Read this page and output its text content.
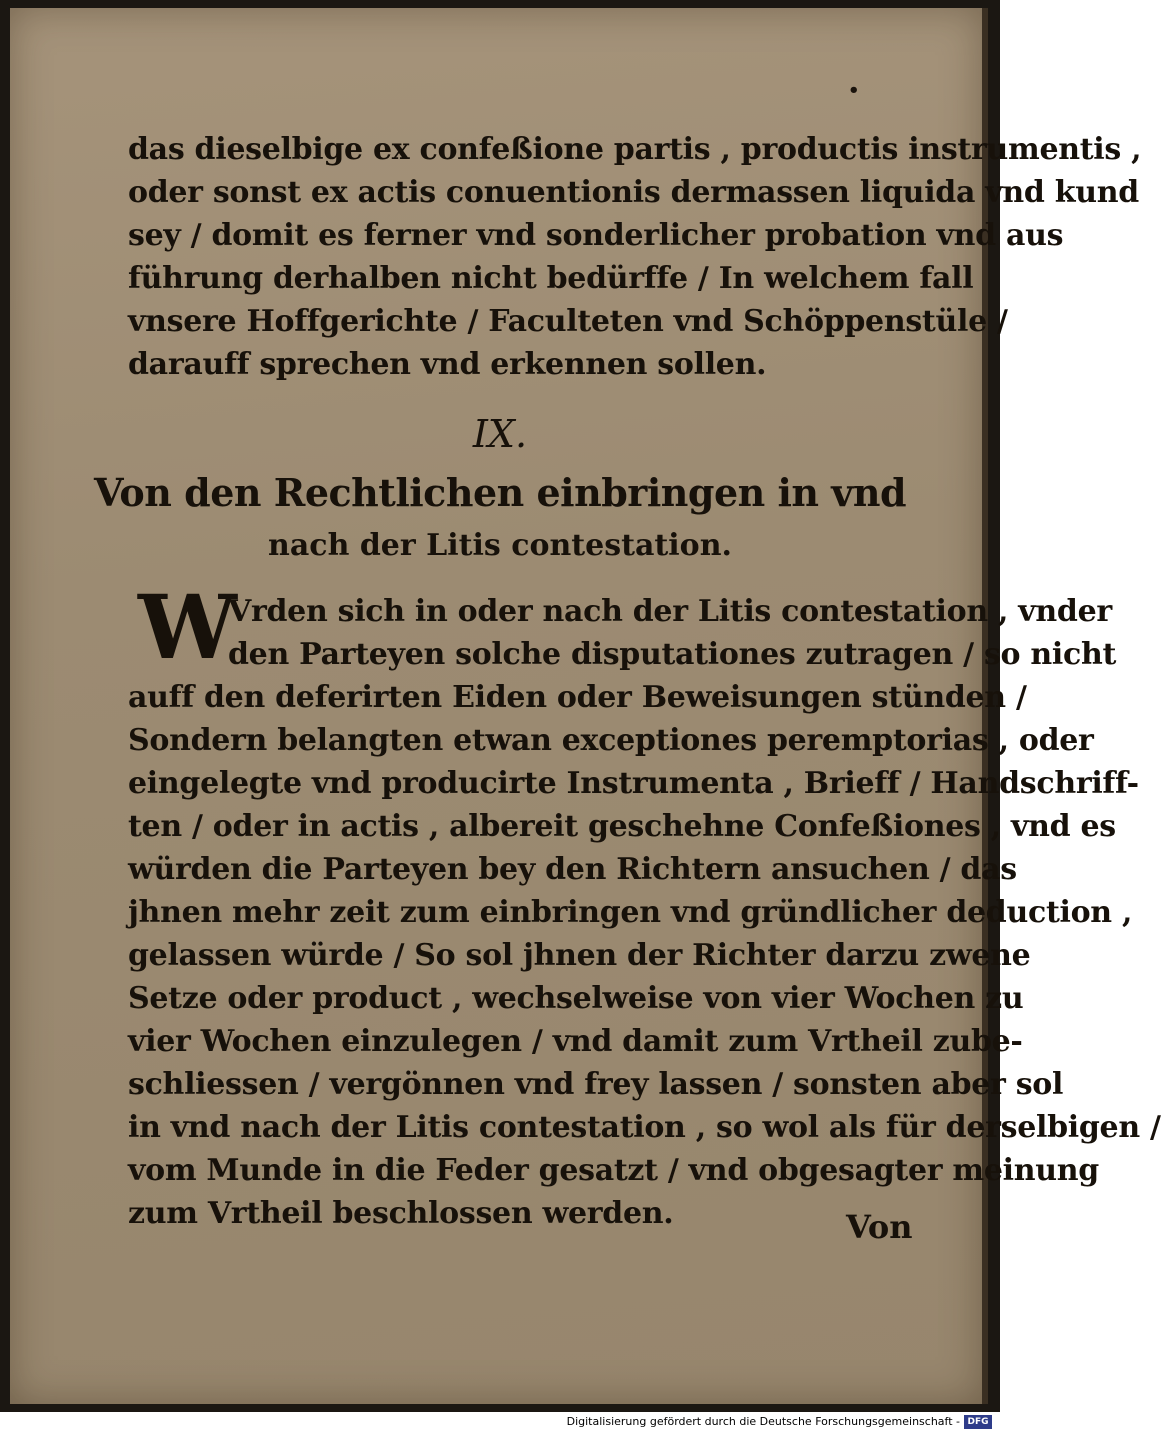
•
das dieselbige ex confeßione partis , productis instrumentis ,
oder sonst ex actis conuentionis dermassen liquida vnd kund
sey / domit es ferner vnd sonderlicher probation vnd aus
führung derhalben nicht bedürffe / In welchem fall
vnsere Hoffgerichte / Faculteten vnd Schöppenstüle /
darauff sprechen vnd erkennen sollen.
IX.
Von den Rechtlichen einbringen in vnd
nach der Litis contestation.
W
Vrden sich in oder nach der Litis contestation , vnder
den Parteyen solche disputationes zutragen / so nicht
auff den deferirten Eiden oder Beweisungen stünden /
Sondern belangten etwan exceptiones peremptorias , oder
eingelegte vnd producirte Instrumenta , Brieff / Handschriff-
ten / oder in actis , albereit geschehne Confeßiones , vnd es
würden die Parteyen bey den Richtern ansuchen / das
jhnen mehr zeit zum einbringen vnd gründlicher deduction ,
gelassen würde / So sol jhnen der Richter darzu zwene
Setze oder product , wechselweise von vier Wochen zu
vier Wochen einzulegen / vnd damit zum Vrtheil zube-
schliessen / vergönnen vnd frey lassen / sonsten aber sol
in vnd nach der Litis contestation , so wol als für derselbigen /
vom Munde in die Feder gesatzt / vnd obgesagter meinung
zum Vrtheil beschlossen werden.	Von
Digitalisierung gefördert durch die Deutsche Forschungsgemeinschaft - DFG
